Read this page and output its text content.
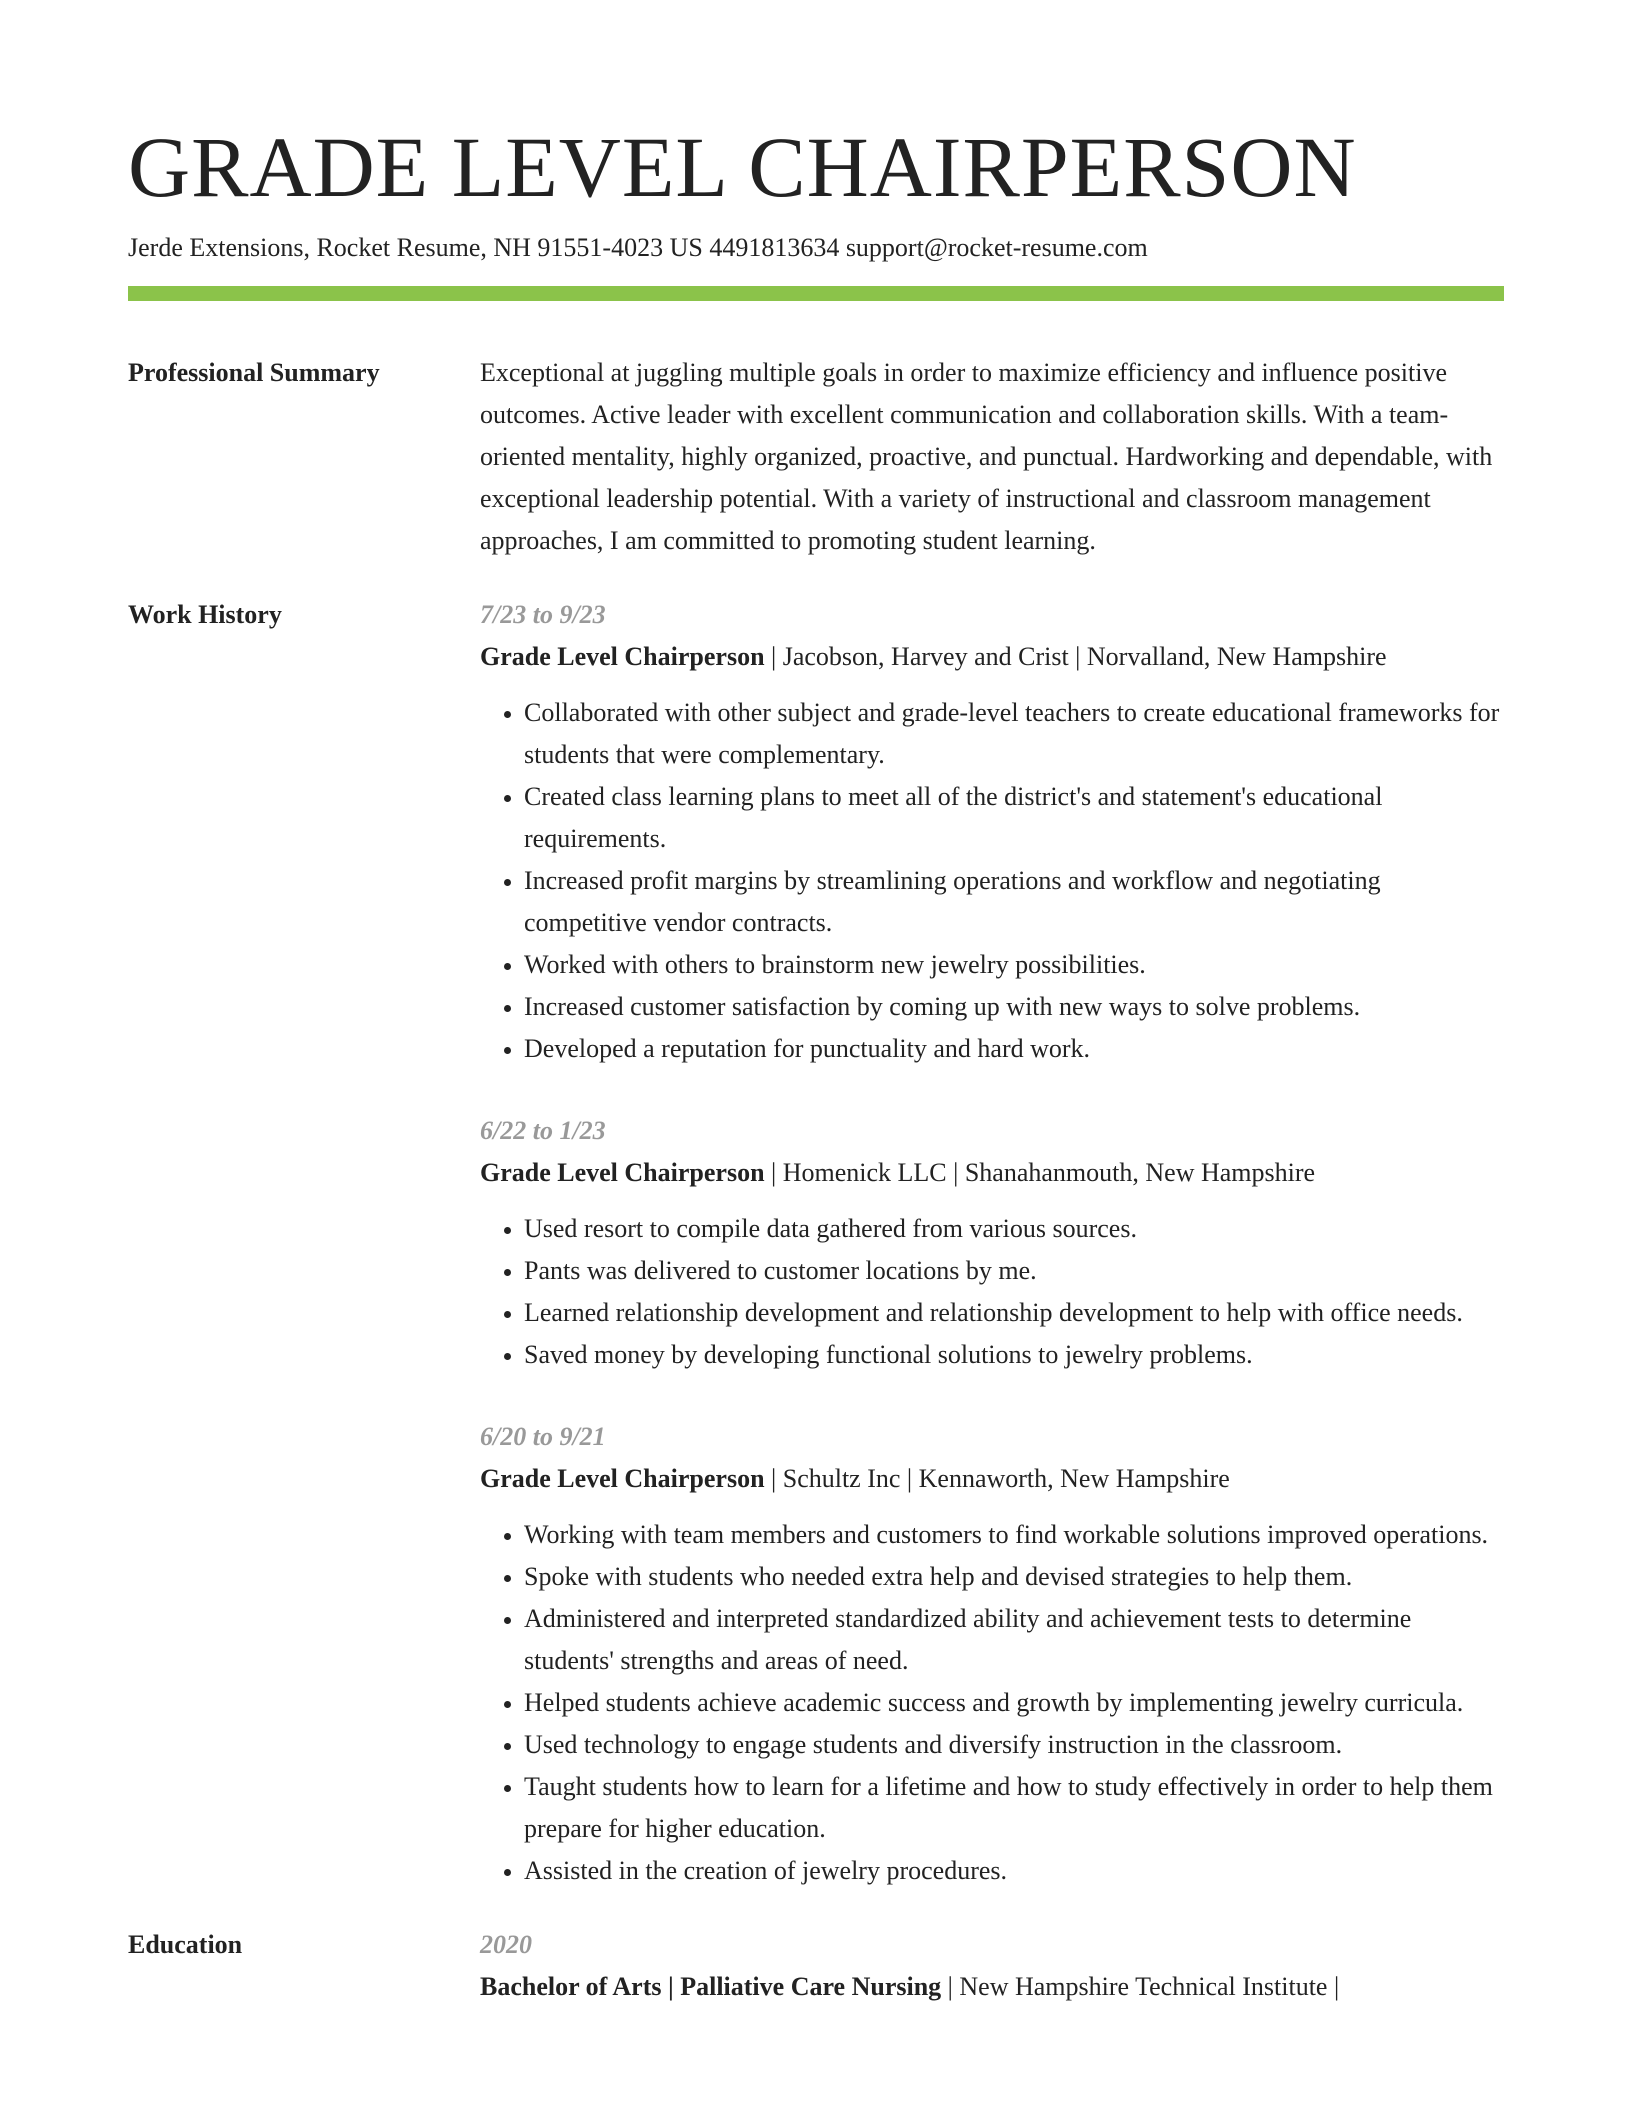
GRADE LEVEL CHAIRPERSON
Jerde Extensions, Rocket Resume, NH 91551-4023 US 4491813634 support@rocket-resume.com
Professional Summary	Exceptional at juggling multiple goals in order to maximize efficiency and influence positive outcomes. Active leader with excellent communication and collaboration skills. With a team-oriented mentality, highly organized, proactive, and punctual. Hardworking and dependable, with exceptional leadership potential. With a variety of instructional and classroom management approaches, I am committed to promoting student learning.

Work History	7/23 to 9/23
Grade Level Chairperson | Jacobson, Harvey and Crist | Norvalland, New Hampshire
• Collaborated with other subject and grade-level teachers to create educational frameworks for students that were complementary.
• Created class learning plans to meet all of the district's and statement's educational requirements.
• Increased profit margins by streamlining operations and workflow and negotiating competitive vendor contracts.
• Worked with others to brainstorm new jewelry possibilities.
• Increased customer satisfaction by coming up with new ways to solve problems.
• Developed a reputation for punctuality and hard work.
6/22 to 1/23
Grade Level Chairperson | Homenick LLC | Shanahanmouth, New Hampshire
• Used resort to compile data gathered from various sources.
• Pants was delivered to customer locations by me.
• Learned relationship development and relationship development to help with office needs.
• Saved money by developing functional solutions to jewelry problems.
6/20 to 9/21
Grade Level Chairperson | Schultz Inc | Kennaworth, New Hampshire
• Working with team members and customers to find workable solutions improved operations.
• Spoke with students who needed extra help and devised strategies to help them.
• Administered and interpreted standardized ability and achievement tests to determine students' strengths and areas of need.
• Helped students achieve academic success and growth by implementing jewelry curricula.
• Used technology to engage students and diversify instruction in the classroom.
• Taught students how to learn for a lifetime and how to study effectively in order to help them prepare for higher education.
• Assisted in the creation of jewelry procedures.
Education	2020
Bachelor of Arts | Palliative Care Nursing | New Hampshire Technical Institute |
